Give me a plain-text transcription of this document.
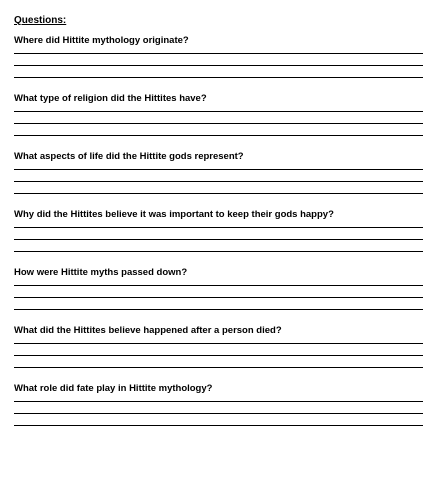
Questions:
Where did Hittite mythology originate?
What type of religion did the Hittites have?
What aspects of life did the Hittite gods represent?
Why did the Hittites believe it was important to keep their gods happy?
How were Hittite myths passed down?
What did the Hittites believe happened after a person died?
What role did fate play in Hittite mythology?
